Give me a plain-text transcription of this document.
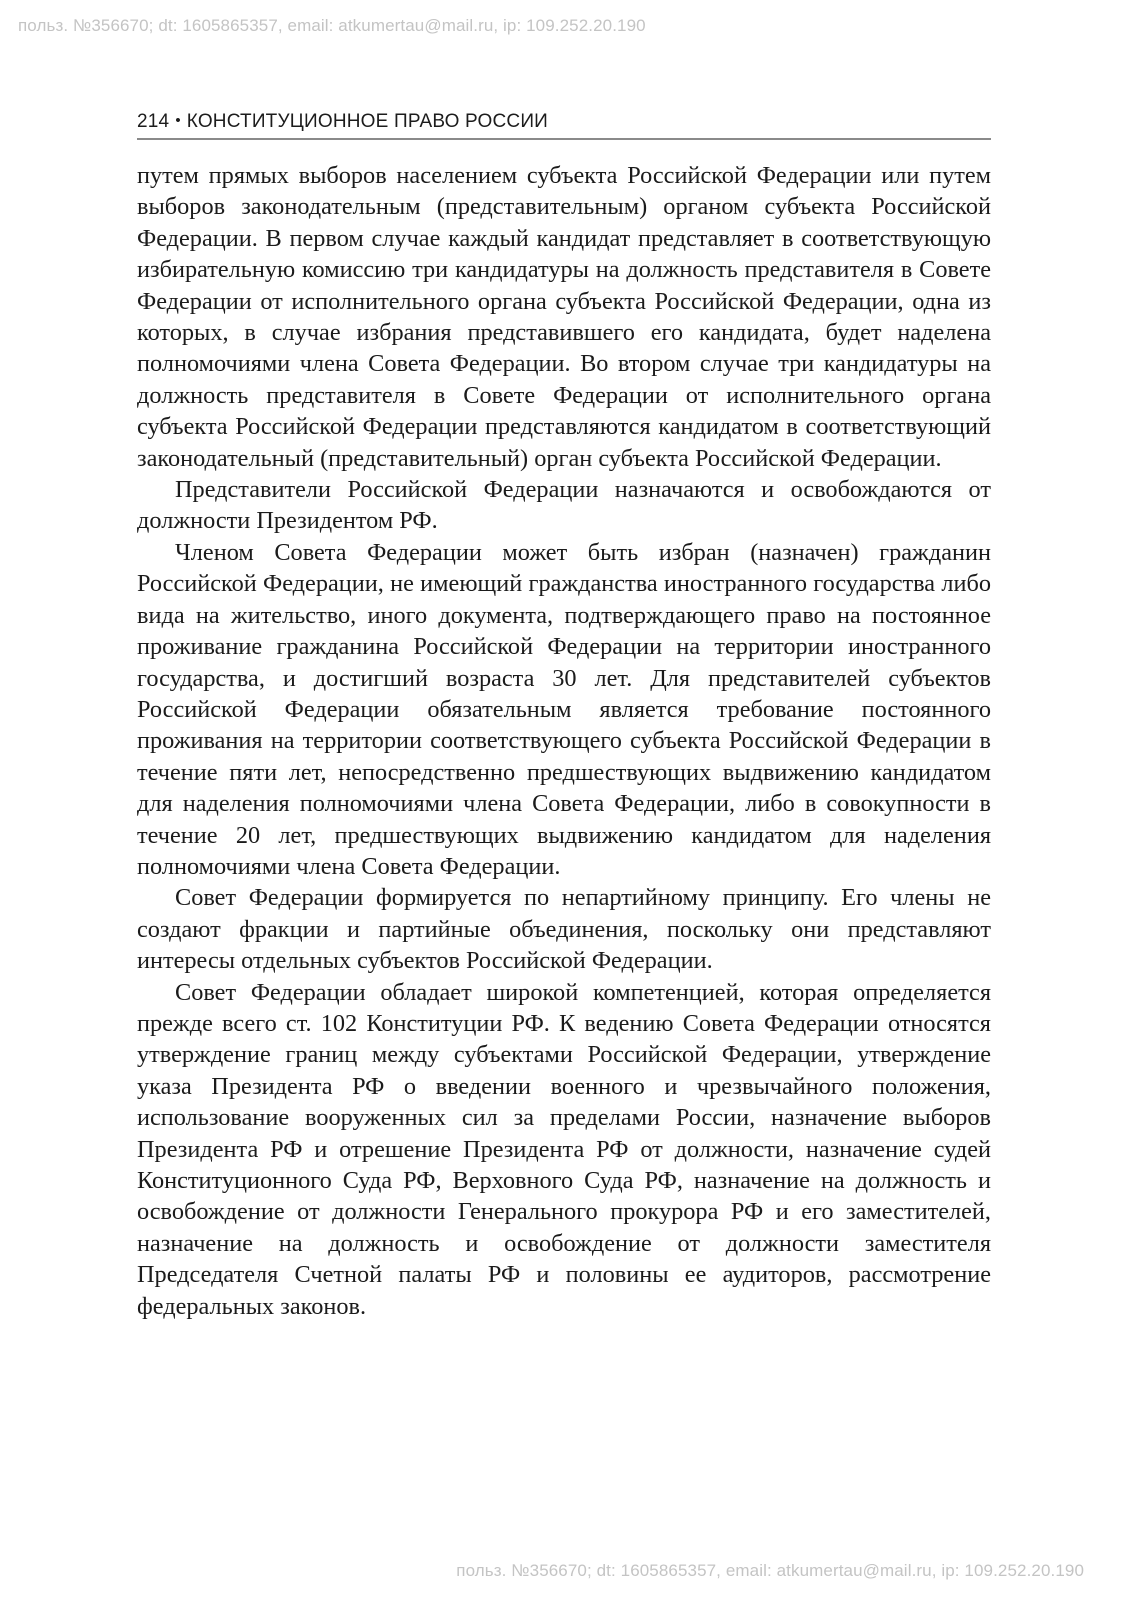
польз. №356670; dt: 1605865357, email: atkumertau@mail.ru, ip: 109.252.20.190
214 • КОНСТИТУЦИОННОЕ ПРАВО РОССИИ

путем прямых выборов населением субъекта Российской Федерации или путем выборов законодательным (представительным) органом субъекта Российской Федерации. В первом случае каждый кандидат представляет в соответствующую избирательную комиссию три кандидатуры на должность представителя в Совете Федерации от исполнительного органа субъекта Российской Федерации, одна из которых, в случае избрания представившего его кандидата, будет наделена полномочиями члена Совета Федерации. Во втором случае три кандидатуры на должность представителя в Совете Федерации от исполнительного органа субъекта Российской Федерации представляются кандидатом в соответствующий законодательный (представительный) орган субъекта Российской Федерации.

Представители Российской Федерации назначаются и освобождаются от должности Президентом РФ.

Членом Совета Федерации может быть избран (назначен) гражданин Российской Федерации, не имеющий гражданства иностранного государства либо вида на жительство, иного документа, подтверждающего право на постоянное проживание гражданина Российской Федерации на территории иностранного государства, и достигший возраста 30 лет. Для представителей субъектов Российской Федерации обязательным является требование постоянного проживания на территории соответствующего субъекта Российской Федерации в течение пяти лет, непосредственно предшествующих выдвижению кандидатом для наделения полномочиями члена Совета Федерации, либо в совокупности в течение 20 лет, предшествующих выдвижению кандидатом для наделения полномочиями члена Совета Федерации.

Совет Федерации формируется по непартийному принципу. Его члены не создают фракции и партийные объединения, поскольку они представляют интересы отдельных субъектов Российской Федерации.

Совет Федерации обладает широкой компетенцией, которая определяется прежде всего ст. 102 Конституции РФ. К ведению Совета Федерации относятся утверждение границ между субъектами Российской Федерации, утверждение указа Президента РФ о введении военного и чрезвычайного положения, использование вооруженных сил за пределами России, назначение выборов Президента РФ и отрешение Президента РФ от должности, назначение судей Конституционного Суда РФ, Верховного Суда РФ, назначение на должность и освобождение от должности Генерального прокурора РФ и его заместителей, назначение на должность и освобождение от должности заместителя Председателя Счетной палаты РФ и половины ее аудиторов, рассмотрение федеральных законов.

польз. №356670; dt: 1605865357, email: atkumertau@mail.ru, ip: 109.252.20.190
